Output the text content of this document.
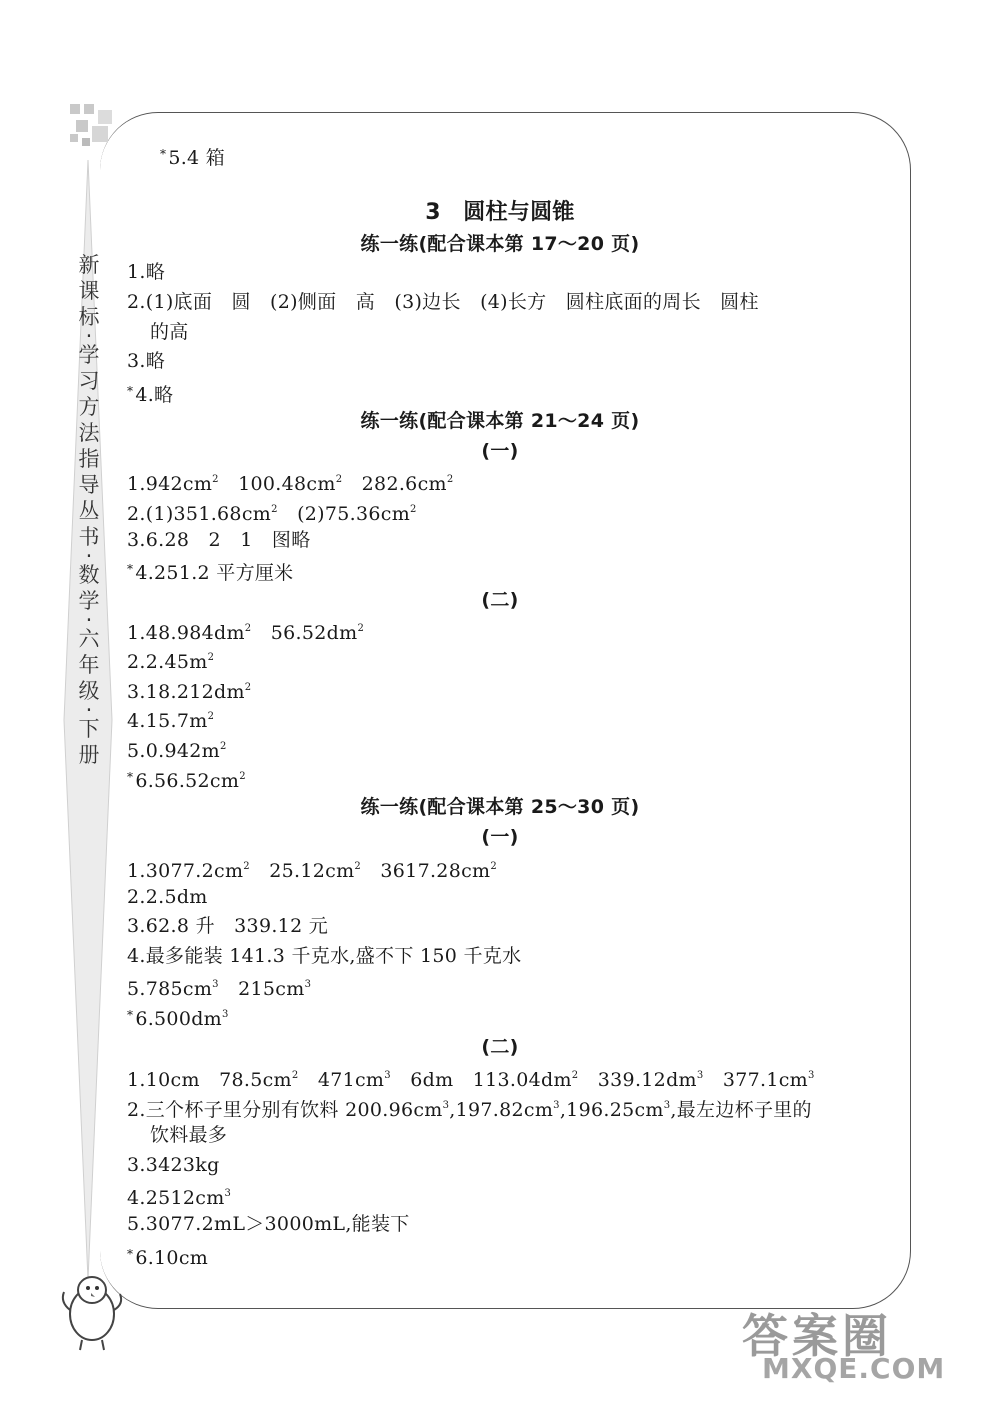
新
课
标
·
学
习
方
法
指
导
丛
书
·
数
学
·
六
年
级
·
下
册
* 5.4 箱
3　圆柱与圆锥
练一练(配合课本第 17～20 页)
1.略
2.(1)底面　圆　(2)侧面　高　(3)边长　(4)长方　圆柱底面的周长　圆柱
的高
3.略
* 4.略
练一练(配合课本第 21～24 页)
(一)
$1.942cm^2$　 $100.48cm^2$　 $282.6cm^2$
$2.(1)351.68cm^2$　 $(2)75.36cm^2$
3.6.28　2　1　图略
* 4.251.2 平方厘米
(二)
$1.48.984dm^2$　 $56.52dm^2$
$2.2.45m^2$
$3.18.212dm^2$
$4.15.7m^2$
$5.0.942m^2$
* $6.56.52cm^2$
练一练(配合课本第 25～30 页)
(一)
$1.3077.2cm^2$　 $25.12cm^2$　 $3617.28cm^2$
2.2.5dm
3.62.8 升　339.12 元
4.最多能装 141.3 千克水,盛不下 150 千克水
$5.785cm^3$　 $215cm^3$
* $6.500dm^3$
(二)
1.10cm　 $78.5cm^2$　 $471cm^3$　 6dm　 $113.04dm^2$　 $339.12dm^3$　 $377.1cm^3$
2.三个杯子里分别有饮料 $200.96cm^3,197.82cm^3,196.25cm^3$,最左边杯子里的
饮料最多
3.3423kg
$4.2512cm^3$
5.3077.2mL＞3000mL,能装下
* 6.10cm
答案圈
MXQE.COM
